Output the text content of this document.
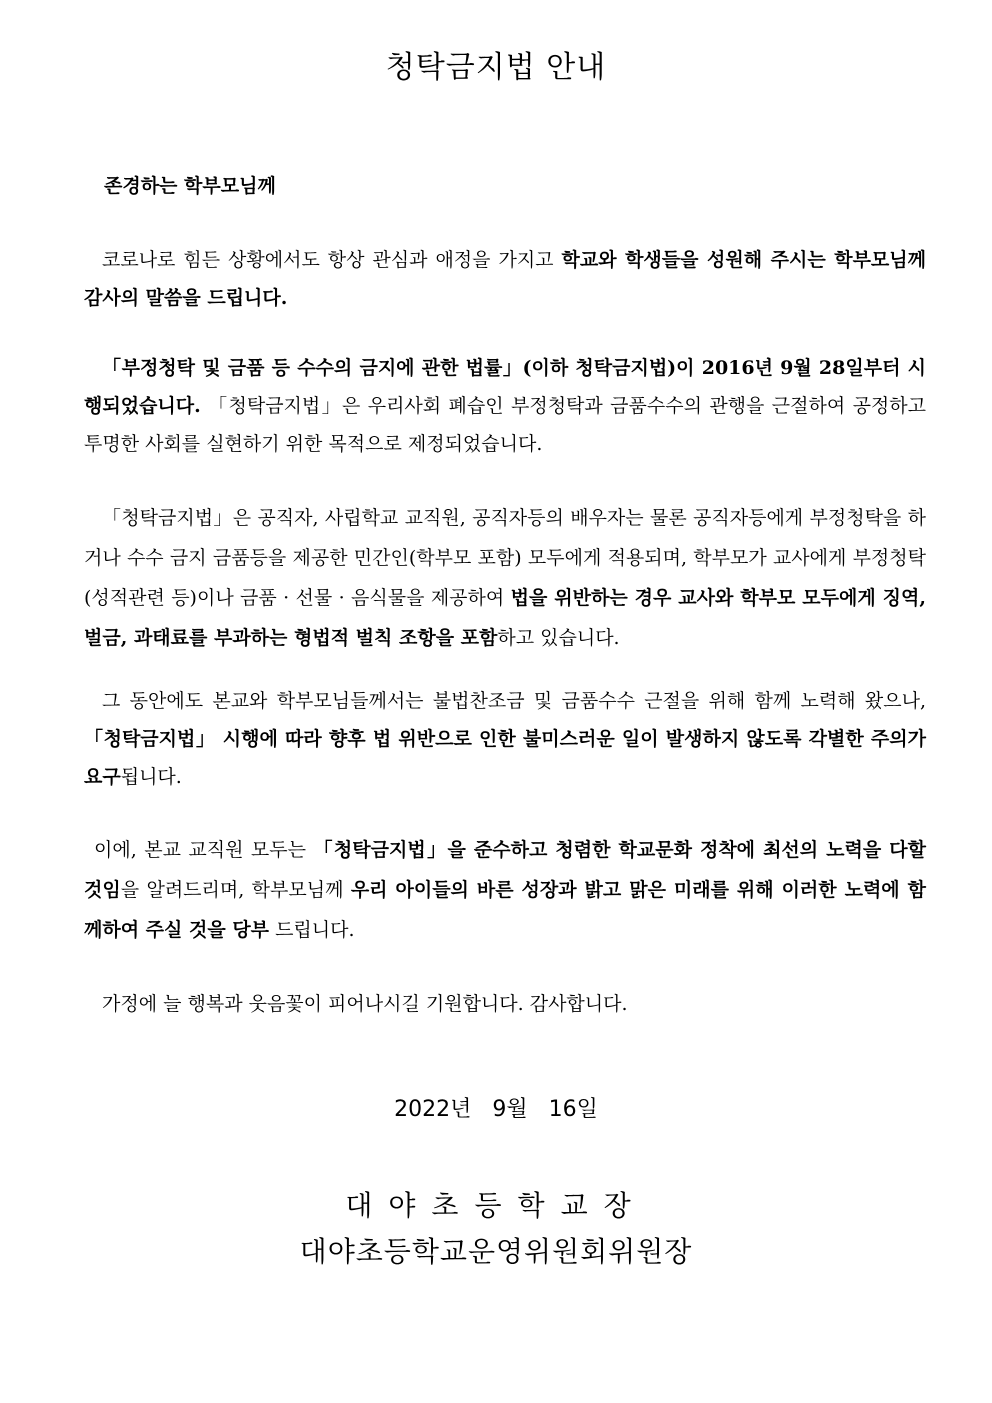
청탁금지법 안내

존경하는 학부모님께

코로나로 힘든 상황에서도 항상 관심과 애정을 가지고 학교와 학생들을 성원해 주시는 학부모님께 감사의 말씀을 드립니다.

「부정청탁 및 금품 등 수수의 금지에 관한 법률」(이하 청탁금지법)이 2016년 9월 28일부터 시행되었습니다. 「청탁금지법」은 우리사회 폐습인 부정청탁과 금품수수의 관행을 근절하여 공정하고 투명한 사회를 실현하기 위한 목적으로 제정되었습니다.

「청탁금지법」은 공직자, 사립학교 교직원, 공직자등의 배우자는 물론 공직자등에게 부정청탁을 하거나 수수 금지 금품등을 제공한 민간인(학부모 포함) 모두에게 적용되며, 학부모가 교사에게 부정청탁(성적관련 등)이나 금품 · 선물 · 음식물을 제공하여 법을 위반하는 경우 교사와 학부모 모두에게 징역, 벌금, 과태료를 부과하는 형법적 벌칙 조항을 포함하고 있습니다.

그 동안에도 본교와 학부모님들께서는 불법찬조금 및 금품수수 근절을 위해 함께 노력해 왔으나, 「청탁금지법」 시행에 따라 향후 법 위반으로 인한 불미스러운 일이 발생하지 않도록 각별한 주의가 요구됩니다.

이에, 본교 교직원 모두는 「청탁금지법」을 준수하고 청렴한 학교문화 정착에 최선의 노력을 다할 것임을 알려드리며, 학부모님께 우리 아이들의 바른 성장과 밝고 맑은 미래를 위해 이러한 노력에 함께하여 주실 것을 당부 드립니다.

가정에 늘 행복과 웃음꽃이 피어나시길 기원합니다. 감사합니다.

2022년 9월 16일
대야초등학교장
대야초등학교운영위원회위원장
